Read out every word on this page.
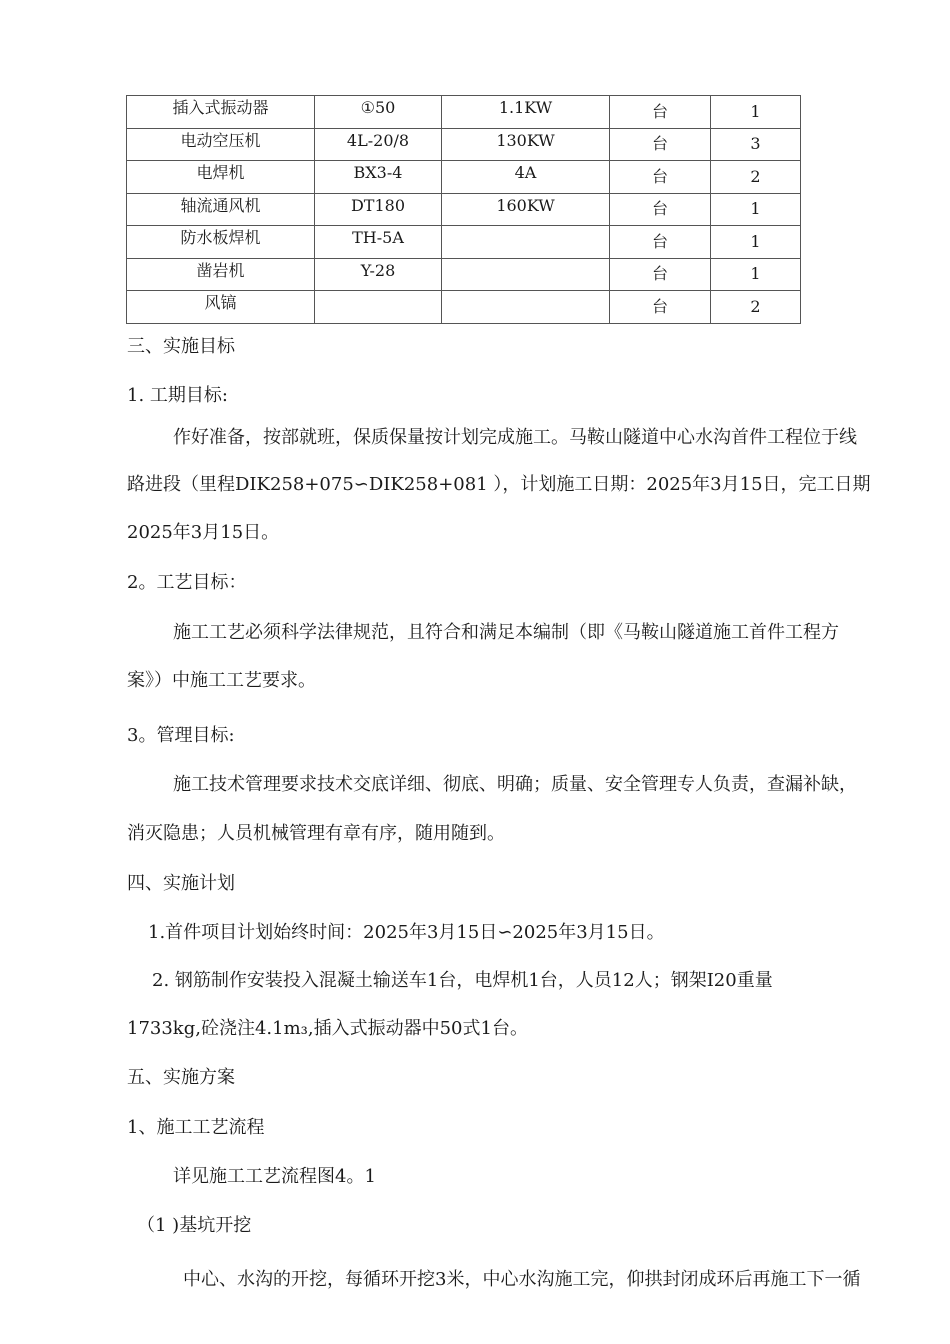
插入式振动器	①50	1.1KW	台	1
电动空压机	4L-20/8	130KW	台	3
电焊机	BX3-4	4A	台	2
轴流通风机	DT180	160KW	台	1
防水板焊机	TH-5A		台	1
凿岩机	Y-28		台	1
风镐			台	2
三、实施目标
1. 工期目标:
作好准备，按部就班，保质保量按计划完成施工。马鞍山隧道中心水沟首件工程位于线
路进段（里程DIK258+075∽DIK258+081 ），计划施工日期：2025年3月15日，完工日期
2025年3月15日。
2。工艺目标：
施工工艺必须科学法律规范，且符合和满足本编制（即《马鞍山隧道施工首件工程方
案》）中施工工艺要求。
3。管理目标:
施工技术管理要求技术交底详细、彻底、明确；质量、安全管理专人负责，查漏补缺，
消灭隐患；人员机械管理有章有序，随用随到。
四、实施计划
1.首件项目计划始终时间：2025年3月15日∽2025年3月15日。
2. 钢筋制作安装投入混凝土输送车1台，电焊机1台，人员12人；钢架I20重量
1733kg,砼浇注4.1m₃,插入式振动器中50式1台。
五、实施方案
1、施工工艺流程
详见施工工艺流程图4。1
（1 )基坑开挖
中心、水沟的开挖，每循环开挖3米，中心水沟施工完，仰拱封闭成环后再施工下一循
